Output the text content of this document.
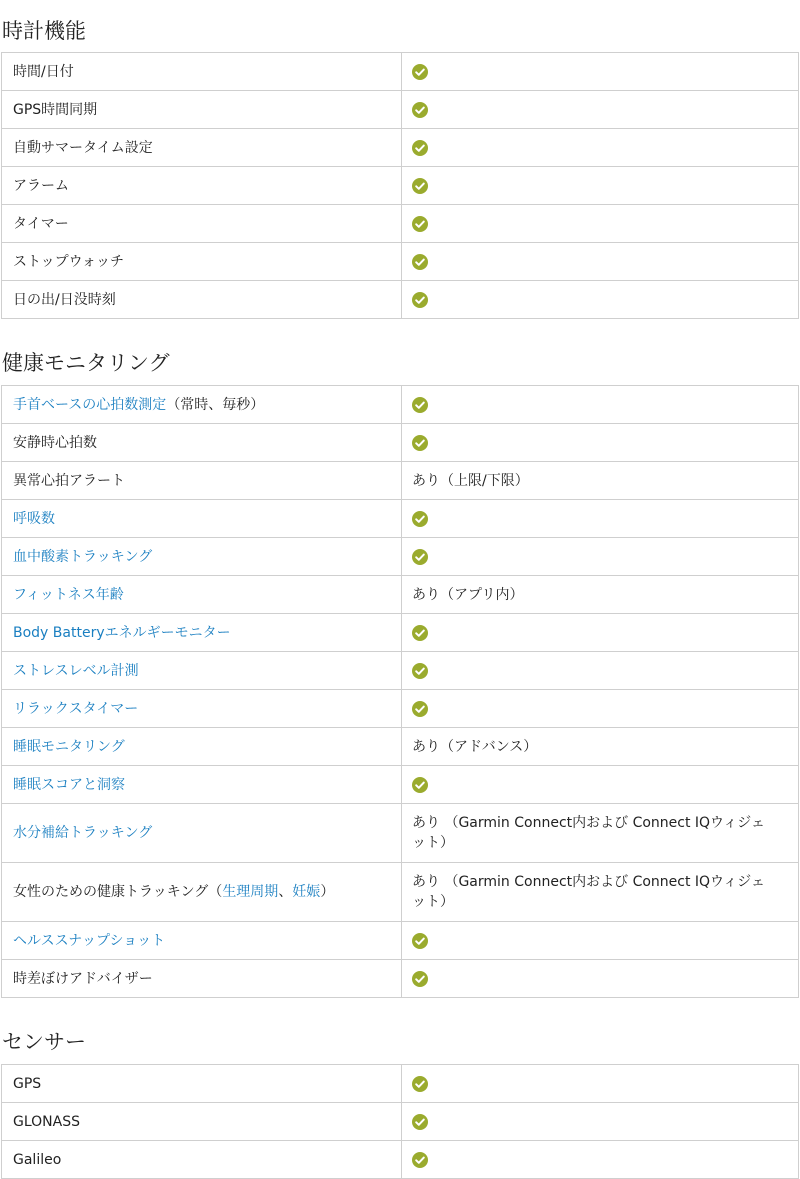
時計機能
時間/日付	

GPS時間同期	

自動サマータイム設定	

アラーム	

タイマー	

ストップウォッチ	

日の出/日没時刻	
健康モニタリング
手首ベースの心拍数測定（常時、毎秒）	

安静時心拍数	

異常心拍アラート	あり（上限/下限）
呼吸数	

血中酸素トラッキング	

フィットネス年齢	あり（アプリ内）
Body Batteryエネルギーモニター	

ストレスレベル計測	

リラックスタイマー	

睡眠モニタリング	あり（アドバンス）
睡眠スコアと洞察	

水分補給トラッキング	あり （Garmin Connect内および Connect IQウィジェット）
女性のための健康トラッキング（生理周期、妊娠）	あり （Garmin Connect内および Connect IQウィジェット）
ヘルススナップショット	

時差ぼけアドバイザー	
センサー
GPS	

GLONASS	

Galileo	
